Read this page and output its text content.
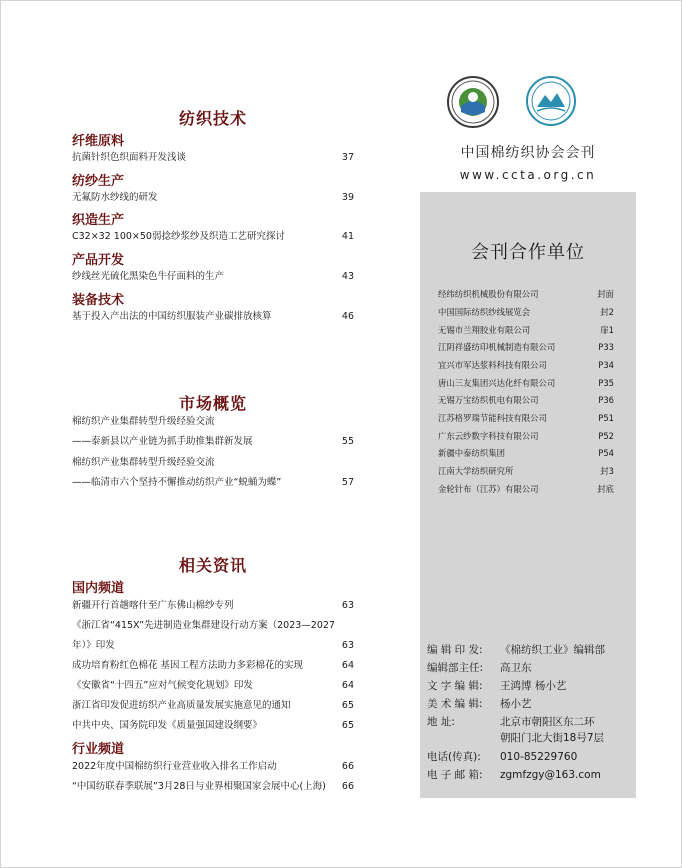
纺织技术
纤维原料
抗菌针织色织面料开发浅谈	37
纺纱生产
无氟防水纱线的研发	39
织造生产
C32×32 100×50弱捻纱浆纱及织造工艺研究探讨	41
产品开发
纱线丝光硫化黑染色牛仔面料的生产	43
装备技术
基于投入产出法的中国纺织服装产业碳排放核算	46
市场概览
棉纺织产业集群转型升级经验交流
——泰新县以产业链为抓手助推集群新发展	55
棉纺织产业集群转型升级经验交流
——临清市六个坚持不懈推动纺织产业“蜕蛹为蝶”	57
相关资讯
国内频道
新疆开行首趟喀什至广东佛山棉纱专列	63
《浙江省“415X”先进制造业集群建设行动方案（2023—2027
年）》印发	63
成功培育粉红色棉花 基因工程方法助力多彩棉花的实现	64
《安徽省“十四五”应对气候变化规划》印发	64
浙江省印发促进纺织产业高质量发展实施意见的通知	65
中共中央、国务院印发《质量强国建设纲要》	65
行业频道
2022年度中国棉纺织行业营业收入排名工作启动	66
“中国纺联春季联展”3月28日与业界相聚国家会展中心(上海)	66
中国棉纺织协会会刊
www.ccta.org.cn
会刊合作单位
经纬纺织机械股份有限公司	封面
中国国际纺织纱线展览会	封2
无锡市兰翔胶业有限公司	扉1
江阴祥盛纺印机械制造有限公司	P33
宜兴市军达浆料科技有限公司	P34
唐山三友集团兴达化纤有限公司	P35
无锡万宝纺织机电有限公司	P36
江苏格罗瑞节能科技有限公司	P51
广东云纱数字科技有限公司	P52
新疆中泰纺织集团	P54
江南大学纺织研究所	封3
金轮针布（江苏）有限公司	封底
编 辑 印 发: 《棉纺织工业》编辑部
编辑部主任: 高卫东
文 字 编 辑: 王鸿博 杨小艺
美 术 编 辑: 杨小艺
地 址:	北京市朝阳区东二环
朝阳门北大街18号7层
电话(传真): 010-85229760
电 子 邮 箱: zgmfzgy@163.com
